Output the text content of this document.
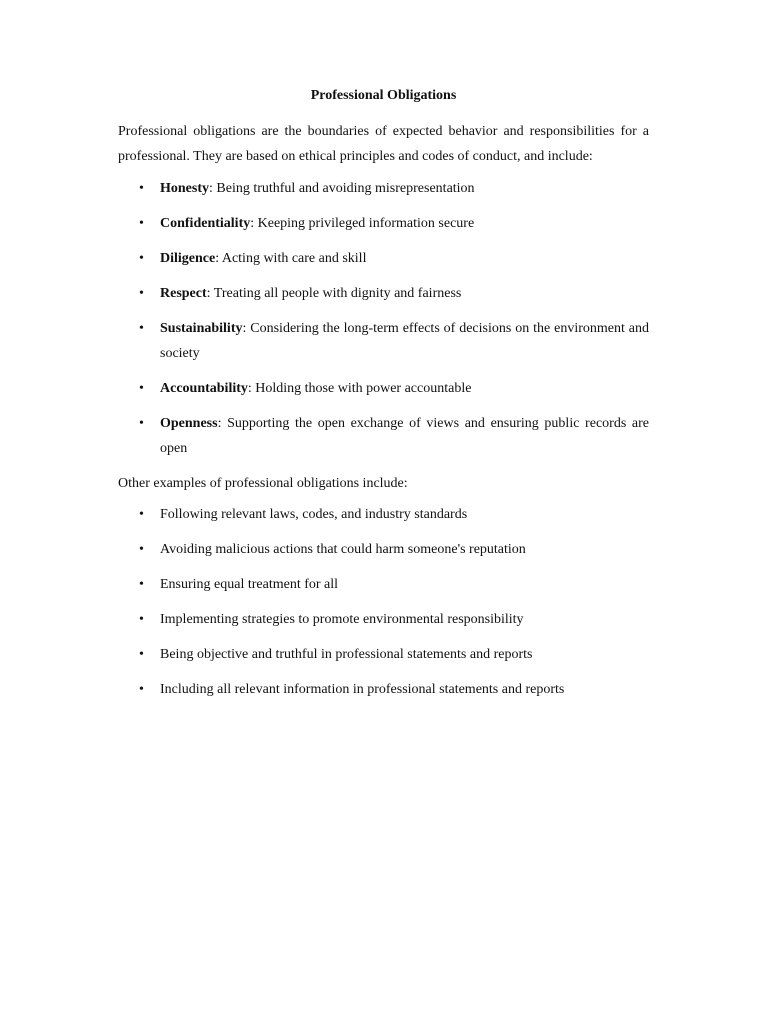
Professional Obligations

Professional obligations are the boundaries of expected behavior and responsibilities for a professional. They are based on ethical principles and codes of conduct, and include:

• Honesty: Being truthful and avoiding misrepresentation
• Confidentiality: Keeping privileged information secure
• Diligence: Acting with care and skill
• Respect: Treating all people with dignity and fairness
• Sustainability: Considering the long-term effects of decisions on the environment and society
• Accountability: Holding those with power accountable
• Openness: Supporting the open exchange of views and ensuring public records are open

Other examples of professional obligations include:

• Following relevant laws, codes, and industry standards
• Avoiding malicious actions that could harm someone's reputation
• Ensuring equal treatment for all
• Implementing strategies to promote environmental responsibility
• Being objective and truthful in professional statements and reports
• Including all relevant information in professional statements and reports
